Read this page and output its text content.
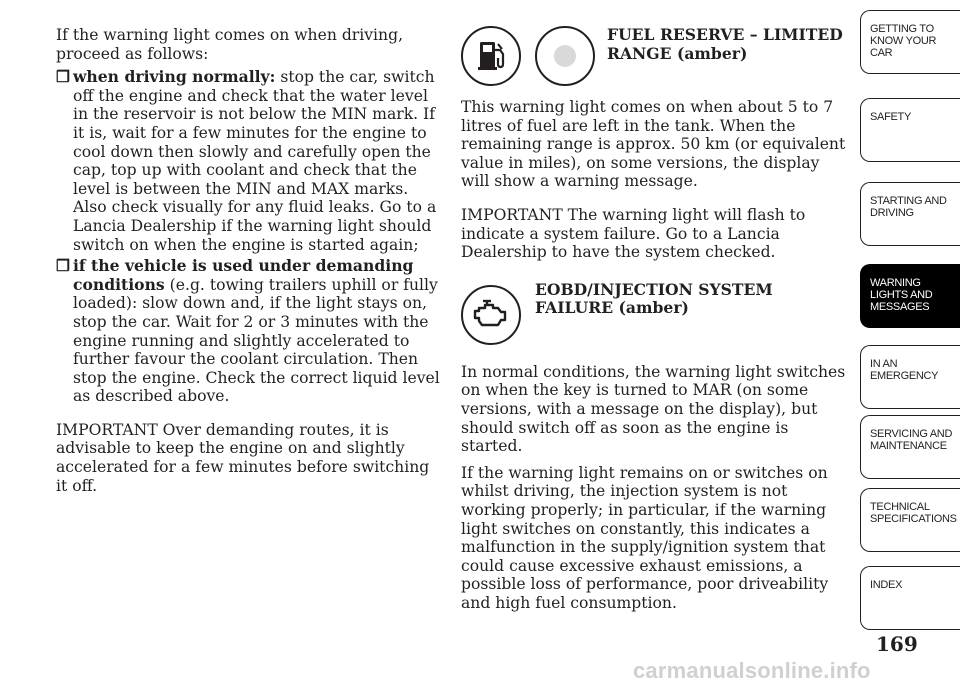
If the warning light comes on when driving, proceed as follows:

❒ when driving normally: stop the car, switch off the engine and check that the water level in the reservoir is not below the MIN mark. If it is, wait for a few minutes for the engine to cool down then slowly and carefully open the cap, top up with coolant and check that the level is between the MIN and MAX marks. Also check visually for any fluid leaks. Go to a Lancia Dealership if the warning light should switch on when the engine is started again;
❒ if the vehicle is used under demanding conditions (e.g. towing trailers uphill or fully loaded): slow down and, if the light stays on, stop the car. Wait for 2 or 3 minutes with the engine running and slightly accelerated to further favour the coolant circulation. Then stop the engine. Check the correct liquid level as described above.

IMPORTANT Over demanding routes, it is advisable to keep the engine on and slightly accelerated for a few minutes before switching it off.

FUEL RESERVE – LIMITED RANGE (amber)

This warning light comes on when about 5 to 7 litres of fuel are left in the tank. When the remaining range is approx. 50 km (or equivalent value in miles), on some versions, the display will show a warning message.

IMPORTANT The warning light will flash to indicate a system failure. Go to a Lancia Dealership to have the system checked.

EOBD/INJECTION SYSTEM FAILURE (amber)

In normal conditions, the warning light switches on when the key is turned to MAR (on some versions, with a message on the display), but should switch off as soon as the engine is started.

If the warning light remains on or switches on whilst driving, the injection system is not working properly; in particular, if the warning light switches on constantly, this indicates a malfunction in the supply/ignition system that could cause excessive exhaust emissions, a possible loss of performance, poor driveability and high fuel consumption.

GETTING TO KNOW YOUR CAR
SAFETY
STARTING AND DRIVING
WARNING LIGHTS AND MESSAGES
IN AN EMERGENCY
SERVICING AND MAINTENANCE
TECHNICAL SPECIFICATIONS
INDEX
169
carmanualsonline.info
